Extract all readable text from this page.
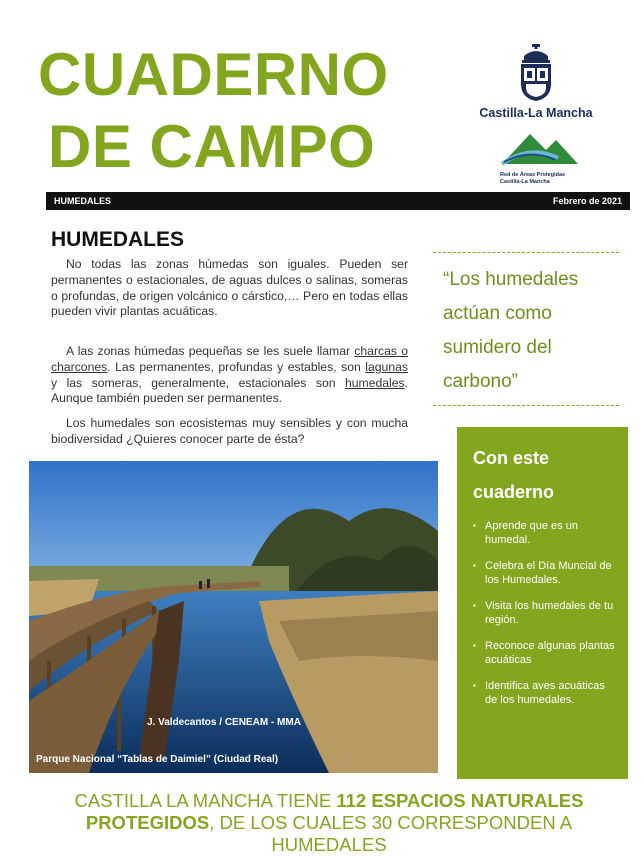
CUADERNO
DE CAMPO	Castilla-La Mancha
Red de Áreas Protegidas
Castilla-La Mancha
HUMEDALES	Febrero de 2021
HUMEDALES

No todas las zonas húmedas son iguales. Pueden ser permanentes o estacionales, de aguas dulces o salinas, someras o profundas, de origen volcánico o cárstico,… Pero en todas ellas pueden vivir plantas acuáticas.

A las zonas húmedas pequeñas se les suele llamar charcas o charcones. Las permanentes, profundas y estables, son lagunas y las someras, generalmente, estacionales son humedales. Aunque también pueden ser permanentes.

Los humedales son ecosistemas muy sensibles y con mucha biodiversidad ¿Quieres conocer parte de ésta?

“Los humedales actúan como sumidero del carbono”

J. Valdecantos / CENEAM - MMA
Parque Nacional “Tablas de Daimiel” (Ciudad Real)
Con este cuaderno
▪ Aprende que es un humedal.
▪ Celebra el Día Muncial de los Humedales.
▪ Visita los humedales de tu región.
▪ Reconoce algunas plantas acuáticas
▪ Identifica aves acuáticas de los humedales.
CASTILLA LA MANCHA TIENE 112 ESPACIOS NATURALES PROTEGIDOS, DE LOS CUALES 30 CORRESPONDEN A HUMEDALES
